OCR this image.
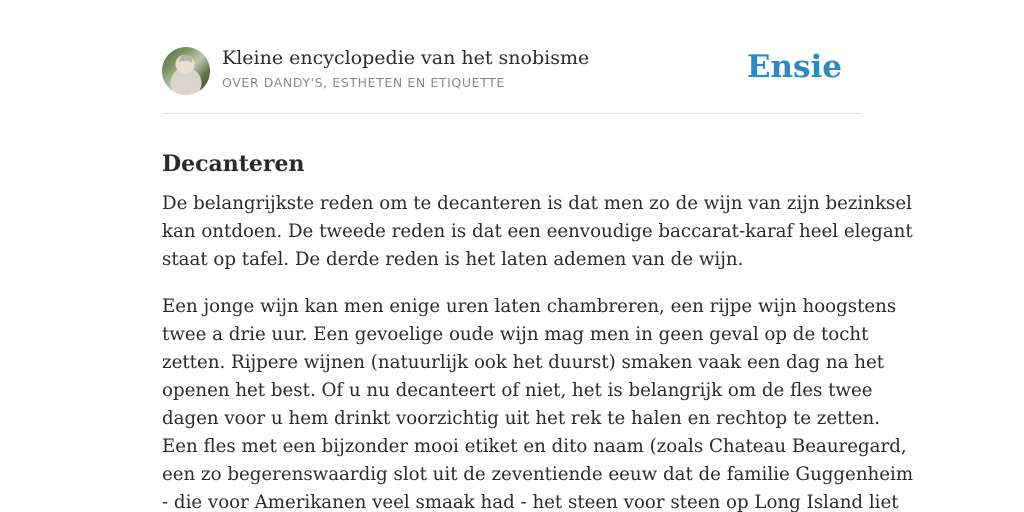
Kleine encyclopedie van het snobisme
OVER DANDY'S, ESTHETEN EN ETIQUETTE	Ensie
Decanteren

De belangrijkste reden om te decanteren is dat men zo de wijn van zijn bezinksel
kan ontdoen. De tweede reden is dat een eenvoudige baccarat-karaf heel elegant
staat op tafel. De derde reden is het laten ademen van de wijn.

Een jonge wijn kan men enige uren laten chambreren, een rijpe wijn hoogstens
twee a drie uur. Een gevoelige oude wijn mag men in geen geval op de tocht
zetten. Rijpere wijnen (natuurlijk ook het duurst) smaken vaak een dag na het
openen het best. Of u nu decanteert of niet, het is belangrijk om de fles twee
dagen voor u hem drinkt voorzichtig uit het rek te halen en rechtop te zetten.
Een fles met een bijzonder mooi etiket en dito naam (zoals Chateau Beauregard,
een zo begerenswaardig slot uit de zeventiende eeuw dat de familie Guggenheim
- die voor Amerikanen veel smaak had - het steen voor steen op Long Island liet
